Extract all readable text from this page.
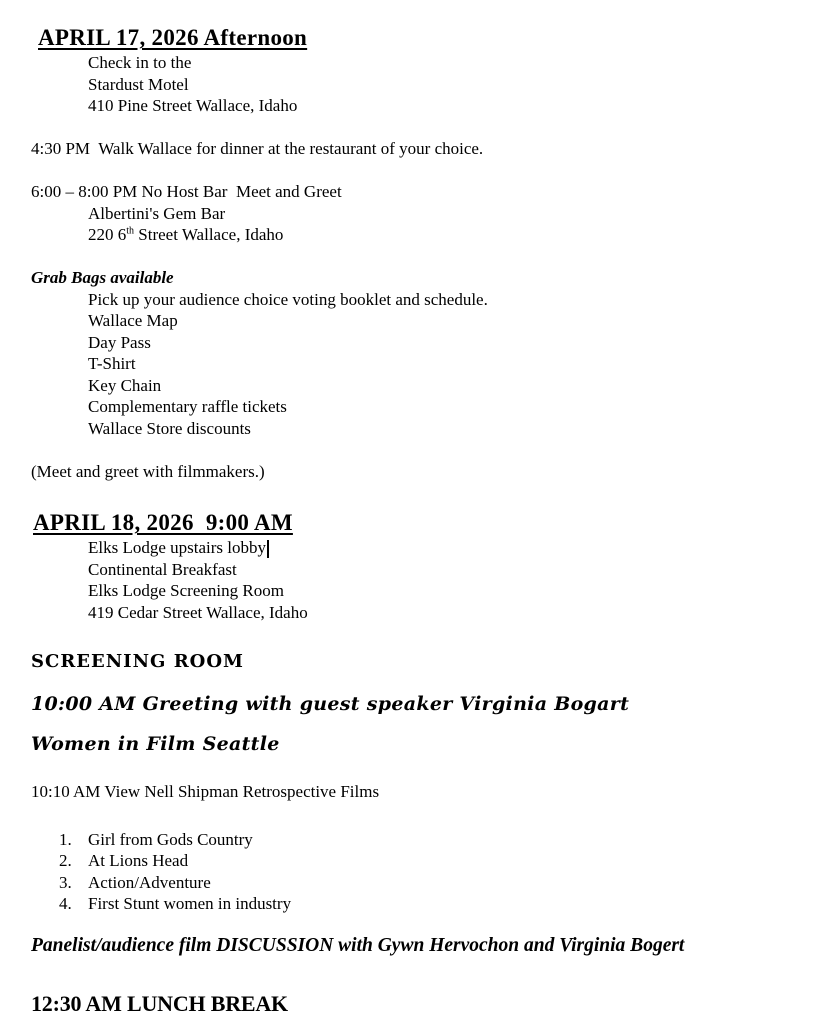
APRIL 17, 2026 Afternoon
Check in to the
Stardust Motel
410 Pine Street Wallace, Idaho
4:30 PM  Walk Wallace for dinner at the restaurant of your choice.
6:00 – 8:00 PM No Host Bar  Meet and Greet
Albertini's Gem Bar
220 6th Street Wallace, Idaho
Grab Bags available
Pick up your audience choice voting booklet and schedule.
Wallace Map
Day Pass
T-Shirt
Key Chain
Complementary raffle tickets
Wallace Store discounts
(Meet and greet with filmmakers.)
APRIL 18, 2026  9:00 AM
Elks Lodge upstairs lobby
Continental Breakfast
Elks Lodge Screening Room
419 Cedar Street Wallace, Idaho
SCREENING ROOM
10:00 AM Greeting with guest speaker Virginia Bogart
Women in Film Seattle
10:10 AM View Nell Shipman Retrospective Films
1. Girl from Gods Country
2. At Lions Head
3. Action/Adventure
4. First Stunt women in industry
Panelist/audience film DISCUSSION with Gywn Hervochon and Virginia Bogert
12:30 AM LUNCH BREAK
